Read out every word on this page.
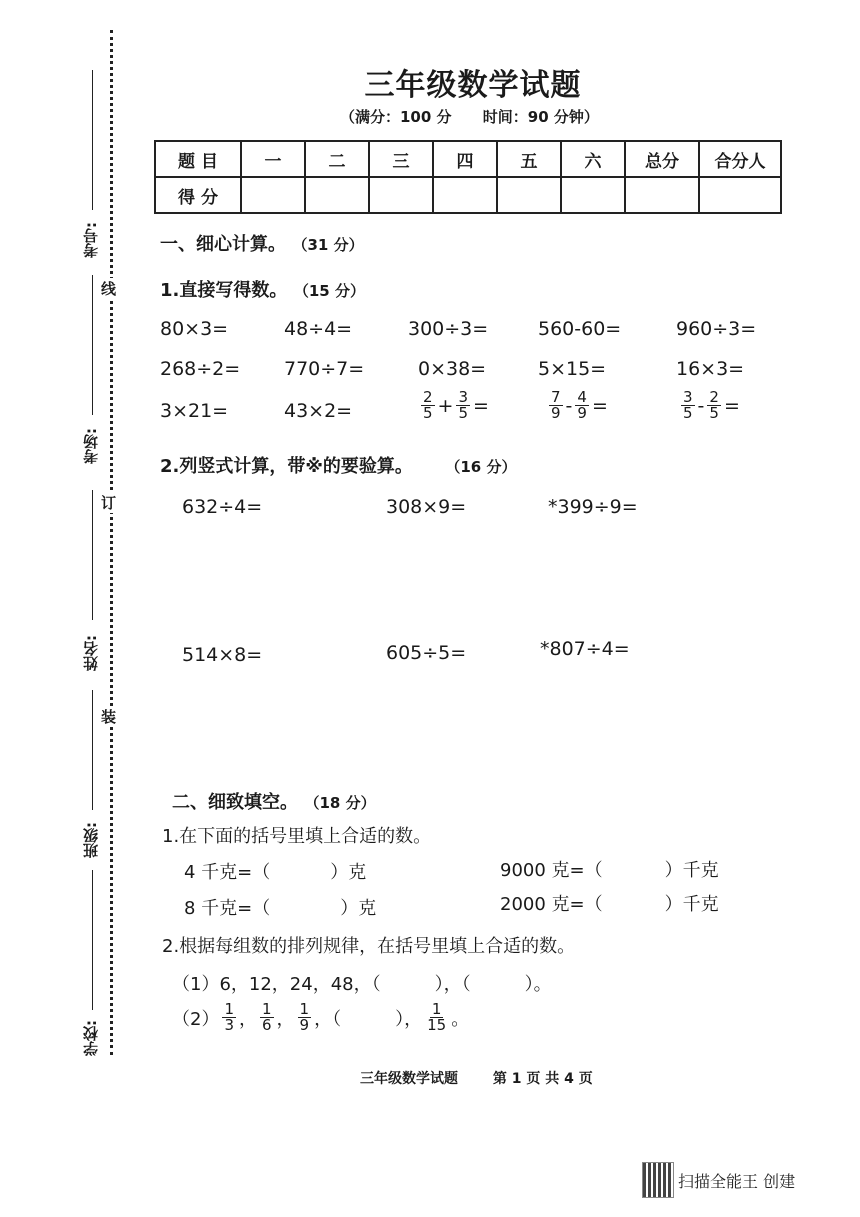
考号:
考场:
姓名:
班级:
学校:
线
订
装
三年级数学试题
（满分：100 分 时间：90 分钟）
题 目	一	二	三	四	五	六	总分	合分人
得 分								
一、细心计算。 （31 分）
1.直接写得数。 （15 分）
80×3=	48÷4=	300÷3=	560-60=	960÷3=
268÷2= 770÷7=	0×38=	5×15=	16×3=
3×21=	43×2=	$\frac{2}{5} + \frac{3}{5}$ =	$\frac{7}{9} - \frac{4}{9}$ =	$\frac{3}{5} - \frac{2}{5}$ =
2.列竖式计算，带※的要验算。	（16 分）
632÷4=	308×9=	*399÷9=
514×8=	605÷5=	*807÷4=
二、细致填空。 （18 分）
1.在下面的括号里填上合适的数。
4 千克=（	）克	9000 克=（	）千克
8 千克=（	）克	2000 克=（	）千克
2.根据每组数的排列规律，在括号里填上合适的数。
（1）6，12，24，48，（　　　），（　　　）。
$(2) \frac{1}{3}$ ， $\frac{1}{6}$ ， $\frac{1}{9}$ ，（　　　）， $\frac{1}{15}$ 。
三年级数学试题 第 1 页 共 4 页
扫描全能王 创建
